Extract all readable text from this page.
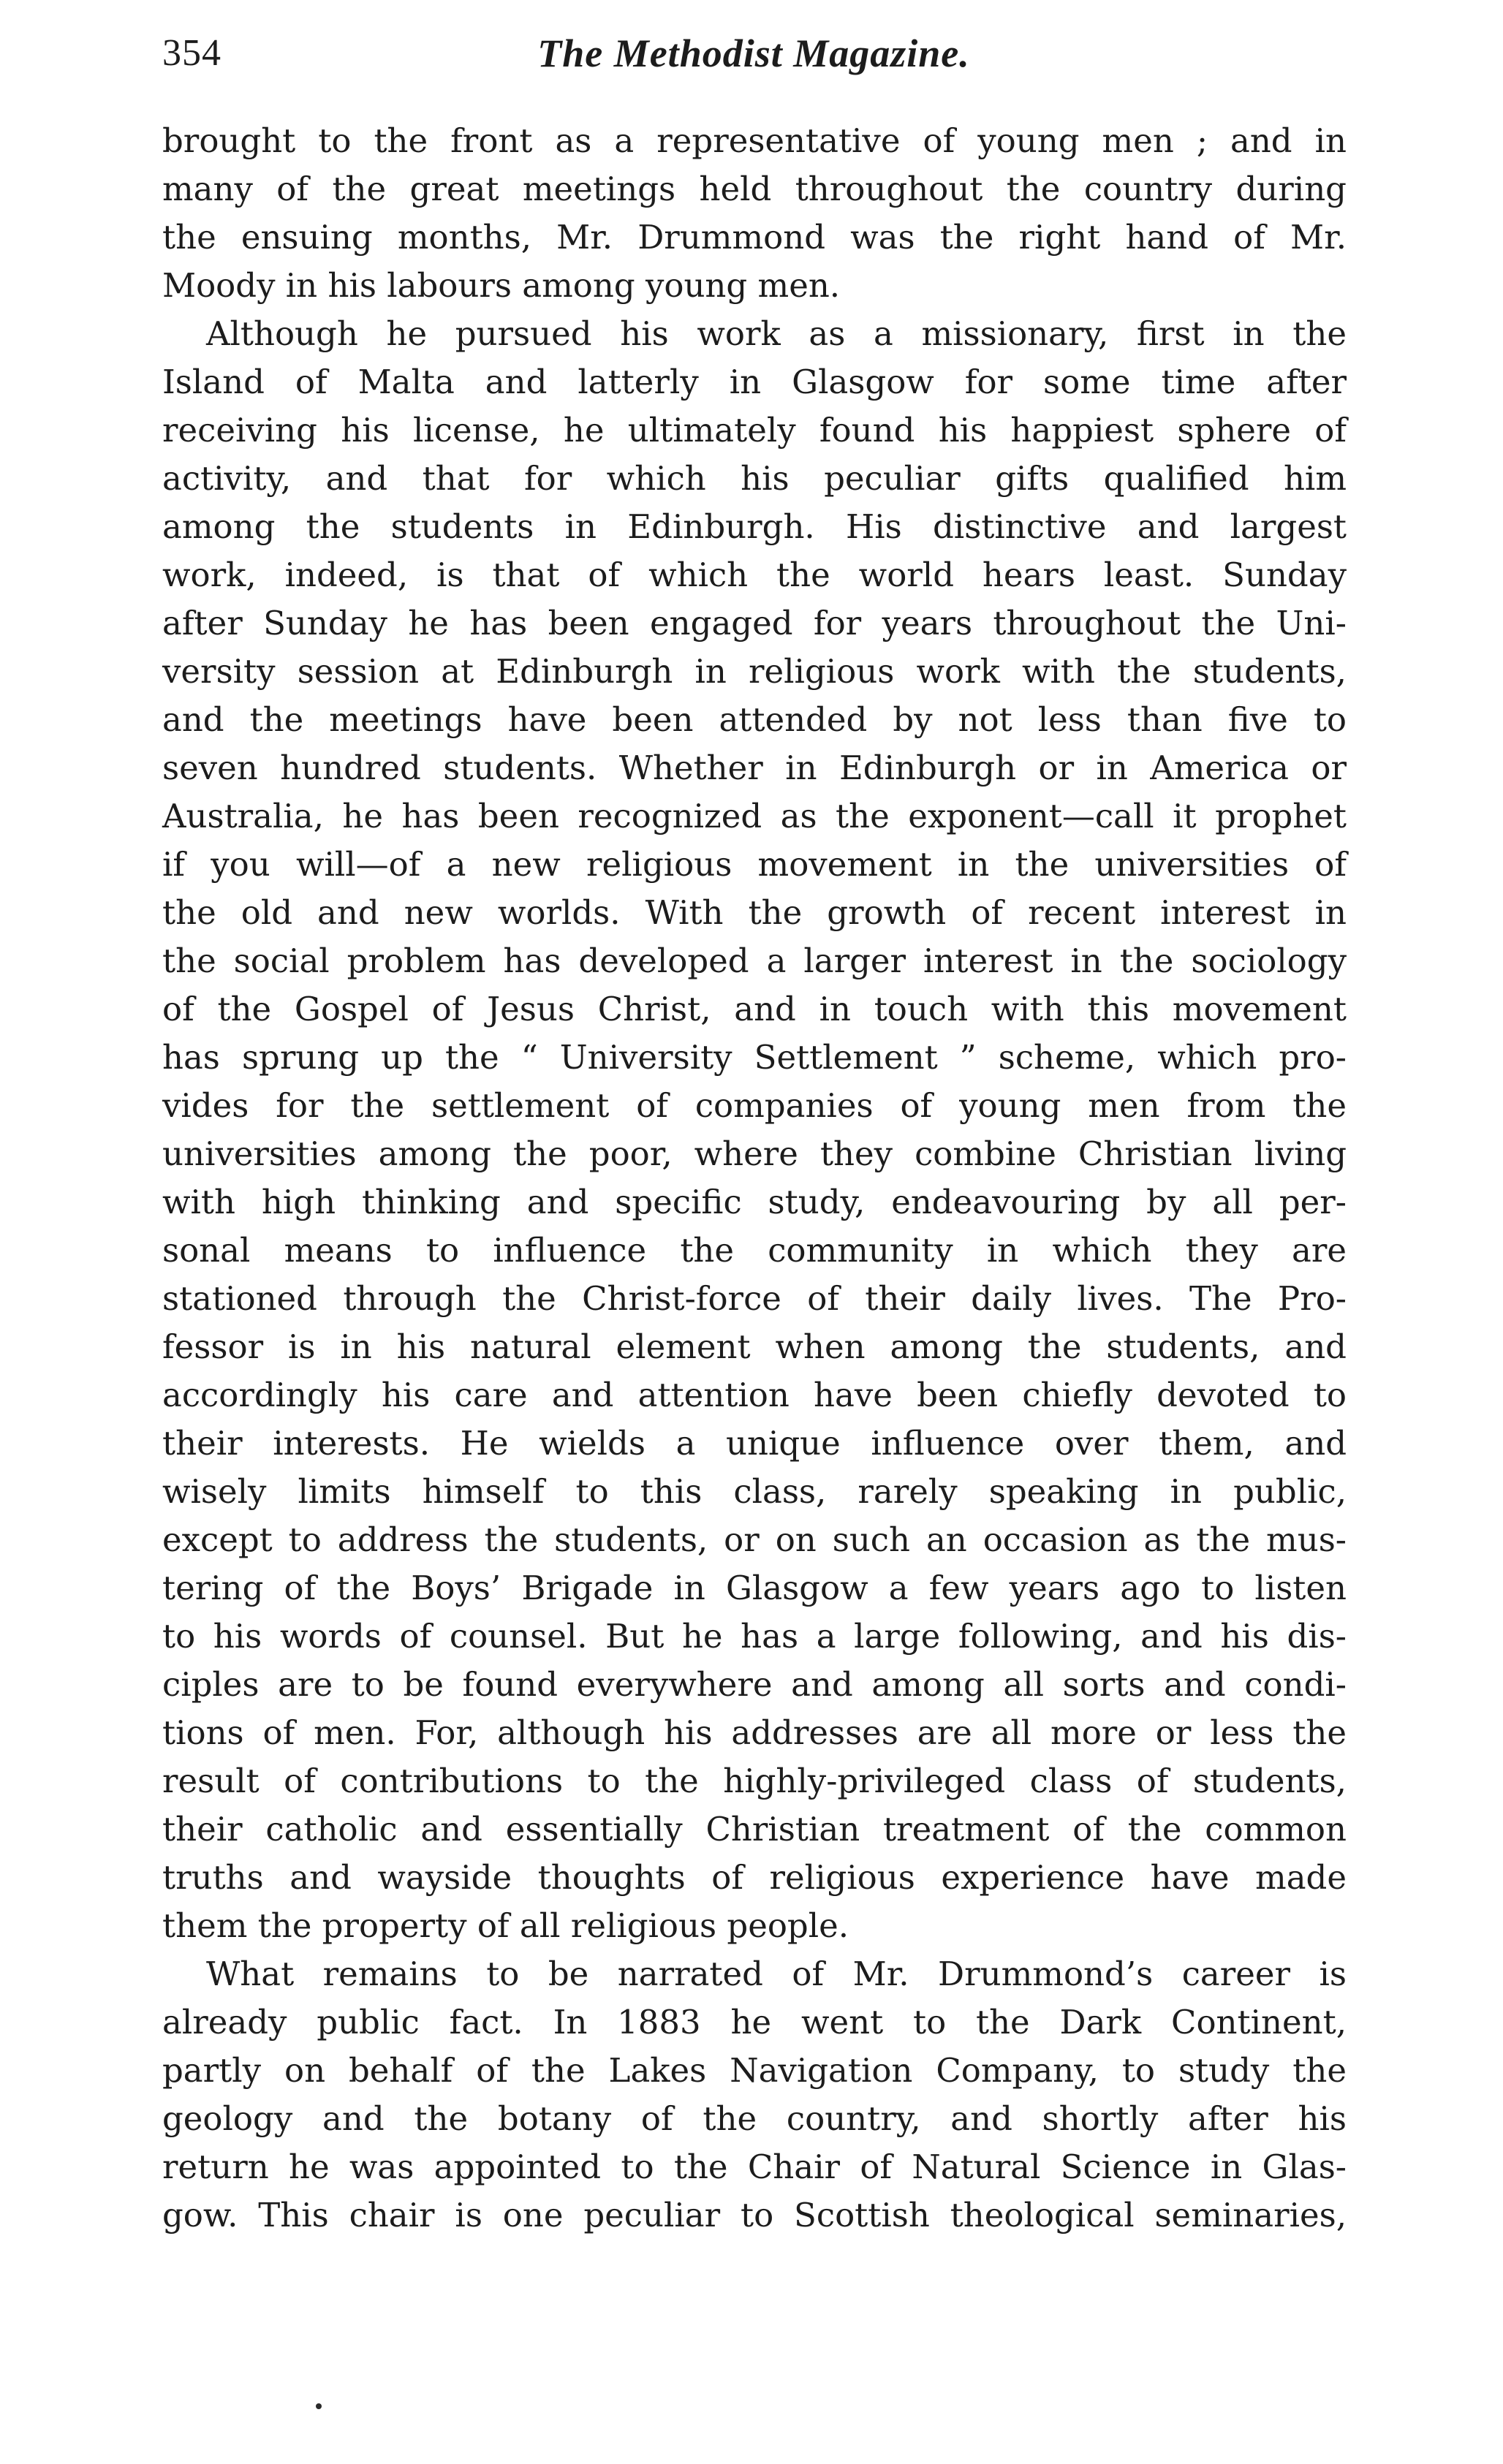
354	The Methodist Magazine.
brought to the front as a representative of young men ; and in
many of the great meetings held throughout the country during
the ensuing months, Mr. Drummond was the right hand of Mr.
Moody in his labours among young men.
Although he pursued his work as a missionary, first in the
Island of Malta and latterly in Glasgow for some time after
receiving his license, he ultimately found his happiest sphere of
activity, and that for which his peculiar gifts qualified him
among the students in Edinburgh. His distinctive and largest
work, indeed, is that of which the world hears least. Sunday
after Sunday he has been engaged for years throughout the Uni-
versity session at Edinburgh in religious work with the students,
and the meetings have been attended by not less than five to
seven hundred students. Whether in Edinburgh or in America or
Australia, he has been recognized as the exponent—call it prophet
if you will—of a new religious movement in the universities of
the old and new worlds. With the growth of recent interest in
the social problem has developed a larger interest in the sociology
of the Gospel of Jesus Christ, and in touch with this movement
has sprung up the “ University Settlement ” scheme, which pro-
vides for the settlement of companies of young men from the
universities among the poor, where they combine Christian living
with high thinking and specific study, endeavouring by all per-
sonal means to influence the community in which they are
stationed through the Christ-force of their daily lives. The Pro-
fessor is in his natural element when among the students, and
accordingly his care and attention have been chiefly devoted to
their interests. He wields a unique influence over them, and
wisely limits himself to this class, rarely speaking in public,
except to address the students, or on such an occasion as the mus-
tering of the Boys’ Brigade in Glasgow a few years ago to listen
to his words of counsel. But he has a large following, and his dis-
ciples are to be found everywhere and among all sorts and condi-
tions of men. For, although his addresses are all more or less the
result of contributions to the highly-privileged class of students,
their catholic and essentially Christian treatment of the common
truths and wayside thoughts of religious experience have made
them the property of all religious people.
What remains to be narrated of Mr. Drummond’s career is
already public fact. In 1883 he went to the Dark Continent,
partly on behalf of the Lakes Navigation Company, to study the
geology and the botany of the country, and shortly after his
return he was appointed to the Chair of Natural Science in Glas-
gow. This chair is one peculiar to Scottish theological seminaries,
